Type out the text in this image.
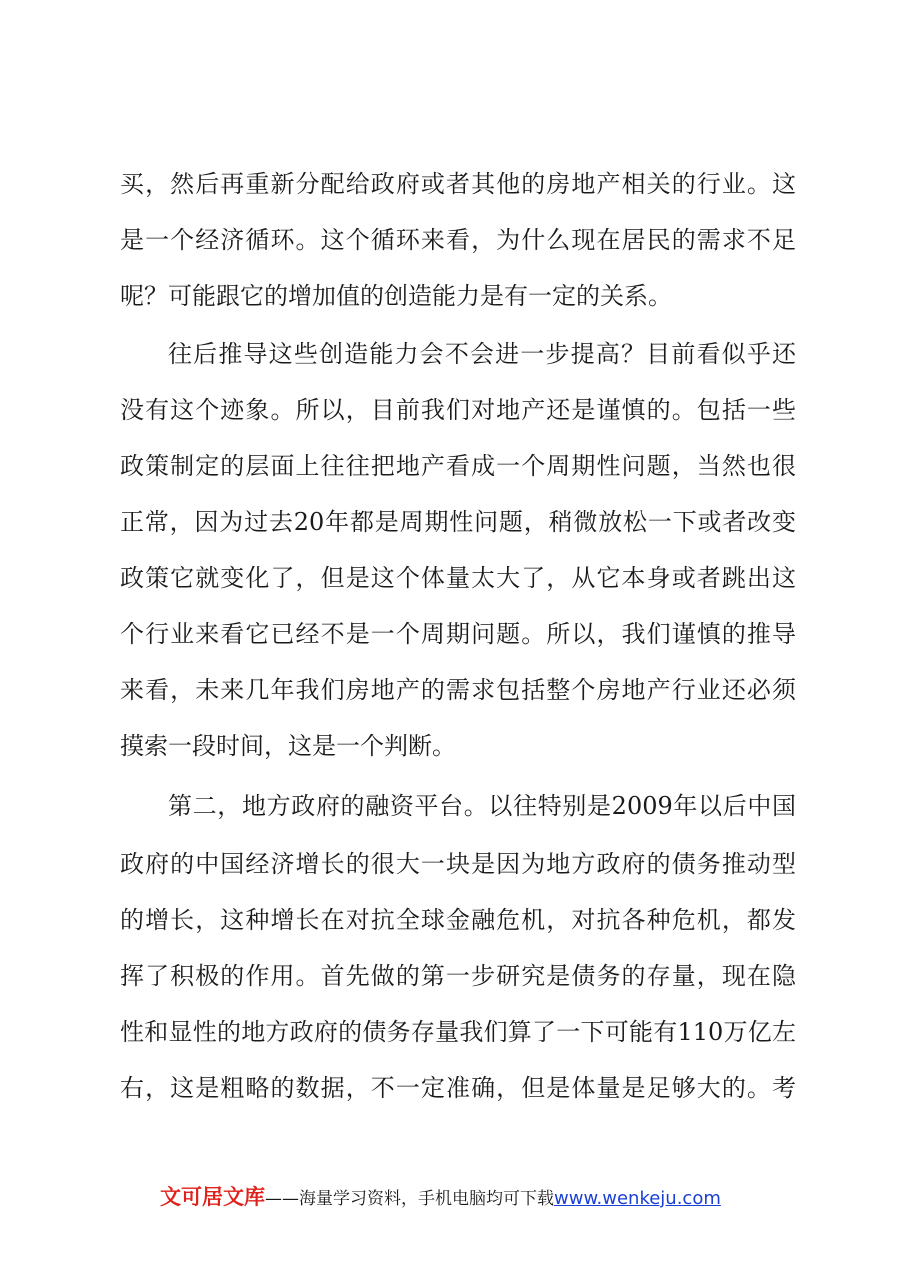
买，然后再重新分配给政府或者其他的房地产相关的行业。这
是一个经济循环。这个循环来看，为什么现在居民的需求不足
呢？可能跟它的增加值的创造能力是有一定的关系。
往后推导这些创造能力会不会进一步提高？目前看似乎还
没有这个迹象。所以，目前我们对地产还是谨慎的。包括一些
政策制定的层面上往往把地产看成一个周期性问题，当然也很
正常，因为过去20年都是周期性问题，稍微放松一下或者改变
政策它就变化了，但是这个体量太大了，从它本身或者跳出这
个行业来看它已经不是一个周期问题。所以，我们谨慎的推导
来看，未来几年我们房地产的需求包括整个房地产行业还必须
摸索一段时间，这是一个判断。
第二，地方政府的融资平台。以往特别是2009年以后中国
政府的中国经济增长的很大一块是因为地方政府的债务推动型
的增长，这种增长在对抗全球金融危机，对抗各种危机，都发
挥了积极的作用。首先做的第一步研究是债务的存量，现在隐
性和显性的地方政府的债务存量我们算了一下可能有110万亿左
右，这是粗略的数据，不一定准确，但是体量是足够大的。考
文可居文库——海量学习资料，手机电脑均可下载www.wenkeju.com
